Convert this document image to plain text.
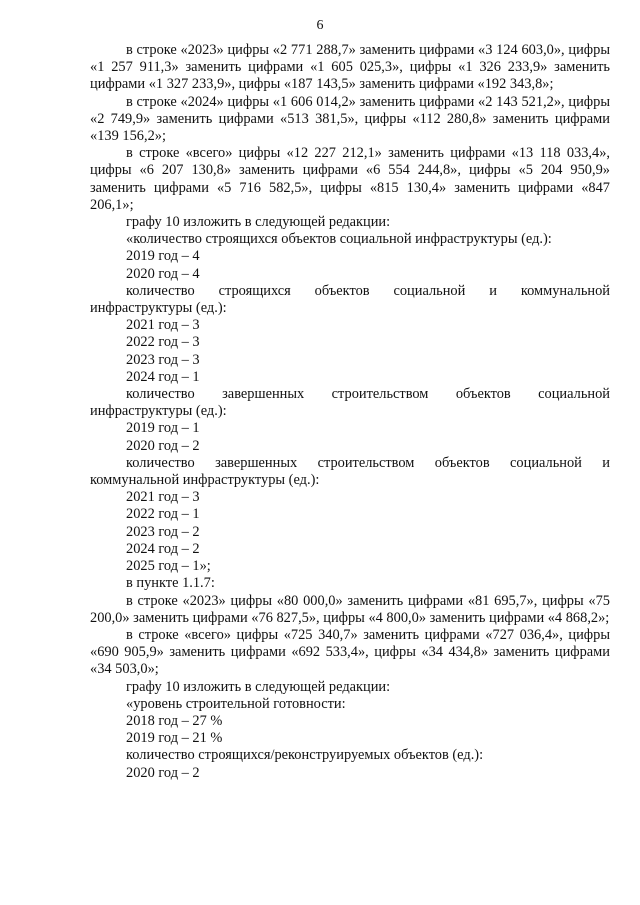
6

в строке «2023» цифры «2 771 288,7» заменить цифрами «3 124 603,0», цифры «1 257 911,3» заменить цифрами «1 605 025,3», цифры «1 326 233,9» заменить цифрами «1 327 233,9», цифры «187 143,5» заменить цифрами «192 343,8»;

в строке «2024» цифры «1 606 014,2» заменить цифрами «2 143 521,2», цифры «2 749,9» заменить цифрами «513 381,5», цифры «112 280,8» заменить цифрами «139 156,2»;

в строке «всего» цифры «12 227 212,1» заменить цифрами «13 118 033,4», цифры «6 207 130,8» заменить цифрами «6 554 244,8», цифры «5 204 950,9» заменить цифрами «5 716 582,5», цифры «815 130,4» заменить цифрами «847 206,1»;

графу 10 изложить в следующей редакции:

«количество строящихся объектов социальной инфраструктуры (ед.):

2019 год – 4

2020 год – 4

количество строящихся объектов социальной и коммунальной инфраструктуры (ед.):

2021 год – 3

2022 год – 3

2023 год – 3

2024 год – 1

количество завершенных строительством объектов социальной инфраструктуры (ед.):

2019 год – 1

2020 год – 2

количество завершенных строительством объектов социальной и коммунальной инфраструктуры (ед.):

2021 год – 3

2022 год – 1

2023 год – 2

2024 год – 2

2025 год – 1»;

в пункте 1.1.7:

в строке «2023» цифры «80 000,0» заменить цифрами «81 695,7», цифры «75 200,0» заменить цифрами «76 827,5», цифры «4 800,0» заменить цифрами «4 868,2»;

в строке «всего» цифры «725 340,7» заменить цифрами «727 036,4», цифры «690 905,9» заменить цифрами «692 533,4», цифры «34 434,8» заменить цифрами «34 503,0»;

графу 10 изложить в следующей редакции:

«уровень строительной готовности:

2018 год – 27 %

2019 год – 21 %

количество строящихся/реконструируемых объектов (ед.):

2020 год – 2
